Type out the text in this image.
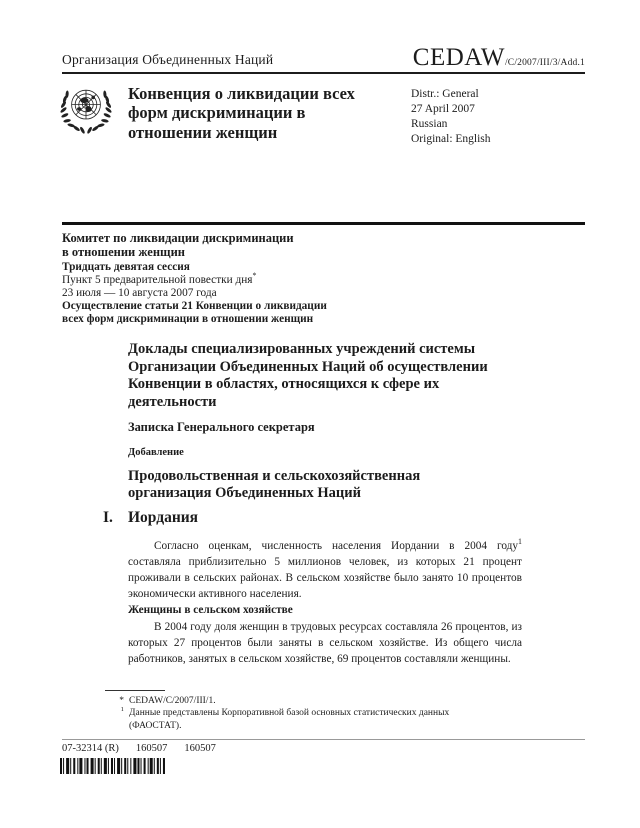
Организация Объединенных Наций	CEDAW /C/2007/III/3/Add.1
Конвенция о ликвидации всех
форм дискриминации в
отношении женщин
Distr.: General
27 April 2007
Russian
Original: English
Комитет по ликвидации дискриминации
в отношении женщин
Тридцать девятая сессия
Пункт 5 предварительной повестки дня*
23 июля — 10 августа 2007 года
Осуществление статьи 21 Конвенции о ликвидации
всех форм дискриминации в отношении женщин
Доклады специализированных учреждений системы
Организации Объединенных Наций об осуществлении
Конвенции в областях, относящихся к сфере их
деятельности
Записка Генерального секретаря
Добавление
Продовольственная и сельскохозяйственная
организация Объединенных Наций
I. Иордания
Согласно оценкам, численность населения Иордании в 2004 году$^1$ составляла приблизительно 5 миллионов человек, из которых 21 процент проживали в сельских районах. В сельском хозяйстве было занято 10 процентов экономически активного населения.
Женщины в сельском хозяйстве
В 2004 году доля женщин в трудовых ресурсах составляла 26 процентов, из которых 27 процентов были заняты в сельском хозяйстве. Из общего числа работников, занятых в сельском хозяйстве, 69 процентов составляли женщины.
* CEDAW/C/2007/III/1.
$^1$ Данные представлены Корпоративной базой основных статистических данных (ФАОСТАТ).
07-32314 (R) 160507 160507
